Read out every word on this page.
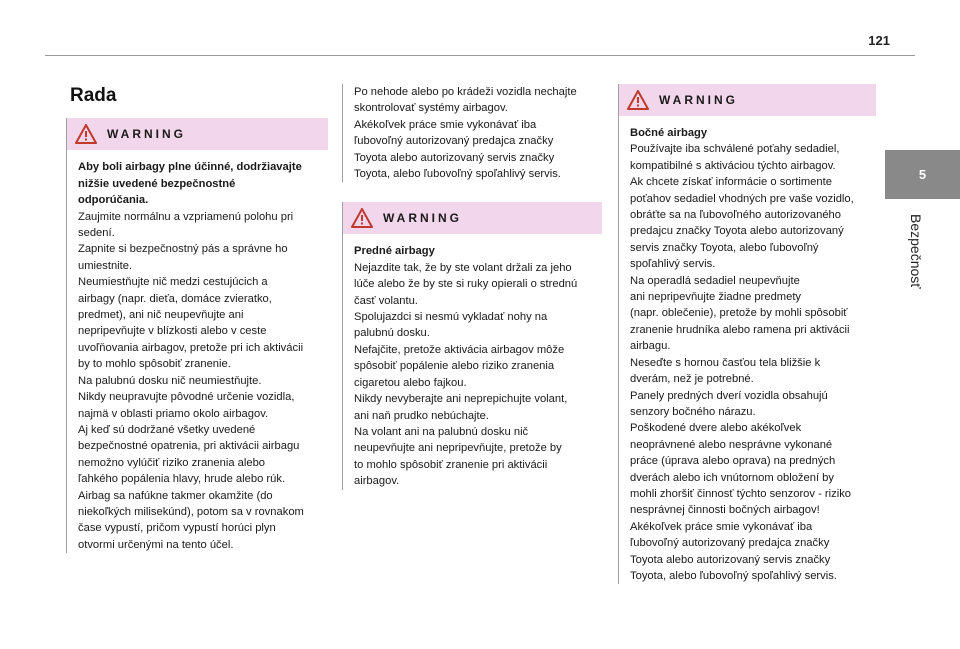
121
5
Bezpečnosť
Rada
WARNING
Aby boli airbagy plne účinné, dodržiavajte
nižšie uvedené bezpečnostné
odporúčania.
Zaujmite normálnu a vzpriamenú polohu pri
sedení.
Zapnite si bezpečnostný pás a správne ho
umiestnite.
Neumiestňujte nič medzi cestujúcich a
airbagy (napr. dieťa, domáce zvieratko,
predmet), ani nič neupevňujte ani
nepripevňujte v blízkosti alebo v ceste
uvoľňovania airbagov, pretože pri ich aktivácii
by to mohlo spôsobiť zranenie.
Na palubnú dosku nič neumiestňujte.
Nikdy neupravujte pôvodné určenie vozidla,
najmä v oblasti priamo okolo airbagov.
Aj keď sú dodržané všetky uvedené
bezpečnostné opatrenia, pri aktivácii airbagu
nemožno vylúčiť riziko zranenia alebo
ľahkého popálenia hlavy, hrude alebo rúk.
Airbag sa nafúkne takmer okamžite (do
niekoľkých milisekúnd), potom sa v rovnakom
čase vypustí, pričom vypustí horúci plyn
otvormi určenými na tento účel.
Po nehode alebo po krádeži vozidla nechajte
skontrolovať systémy airbagov.
Akékoľvek práce smie vykonávať iba
ľubovoľný autorizovaný predajca značky
Toyota alebo autorizovaný servis značky
Toyota, alebo ľubovoľný spoľahlivý servis.
WARNING
Predné airbagy
Nejazdite tak, že by ste volant držali za jeho
lúče alebo že by ste si ruky opierali o strednú
časť volantu.
Spolujazdci si nesmú vykladať nohy na
palubnú dosku.
Nefajčite, pretože aktivácia airbagov môže
spôsobiť popálenie alebo riziko zranenia
cigaretou alebo fajkou.
Nikdy nevyberajte ani neprepichujte volant,
ani naň prudko nebúchajte.
Na volant ani na palubnú dosku nič
neupevňujte ani nepripevňujte, pretože by
to mohlo spôsobiť zranenie pri aktivácii
airbagov.
WARNING
Bočné airbagy
Používajte iba schválené poťahy sedadiel,
kompatibilné s aktiváciou týchto airbagov.
Ak chcete získať informácie o sortimente
poťahov sedadiel vhodných pre vaše vozidlo,
obráťte sa na ľubovoľného autorizovaného
predajcu značky Toyota alebo autorizovaný
servis značky Toyota, alebo ľubovoľný
spoľahlivý servis.
Na operadlá sedadiel neupevňujte
ani nepripevňujte žiadne predmety
(napr. oblečenie), pretože by mohli spôsobiť
zranenie hrudníka alebo ramena pri aktivácii
airbagu.
Neseďte s hornou časťou tela bližšie k
dverám, než je potrebné.
Panely predných dverí vozidla obsahujú
senzory bočného nárazu.
Poškodené dvere alebo akékoľvek
neoprávnené alebo nesprávne vykonané
práce (úprava alebo oprava) na predných
dverách alebo ich vnútornom obložení by
mohli zhoršiť činnosť týchto senzorov - riziko
nesprávnej činnosti bočných airbagov!
Akékoľvek práce smie vykonávať iba
ľubovoľný autorizovaný predajca značky
Toyota alebo autorizovaný servis značky
Toyota, alebo ľubovoľný spoľahlivý servis.
